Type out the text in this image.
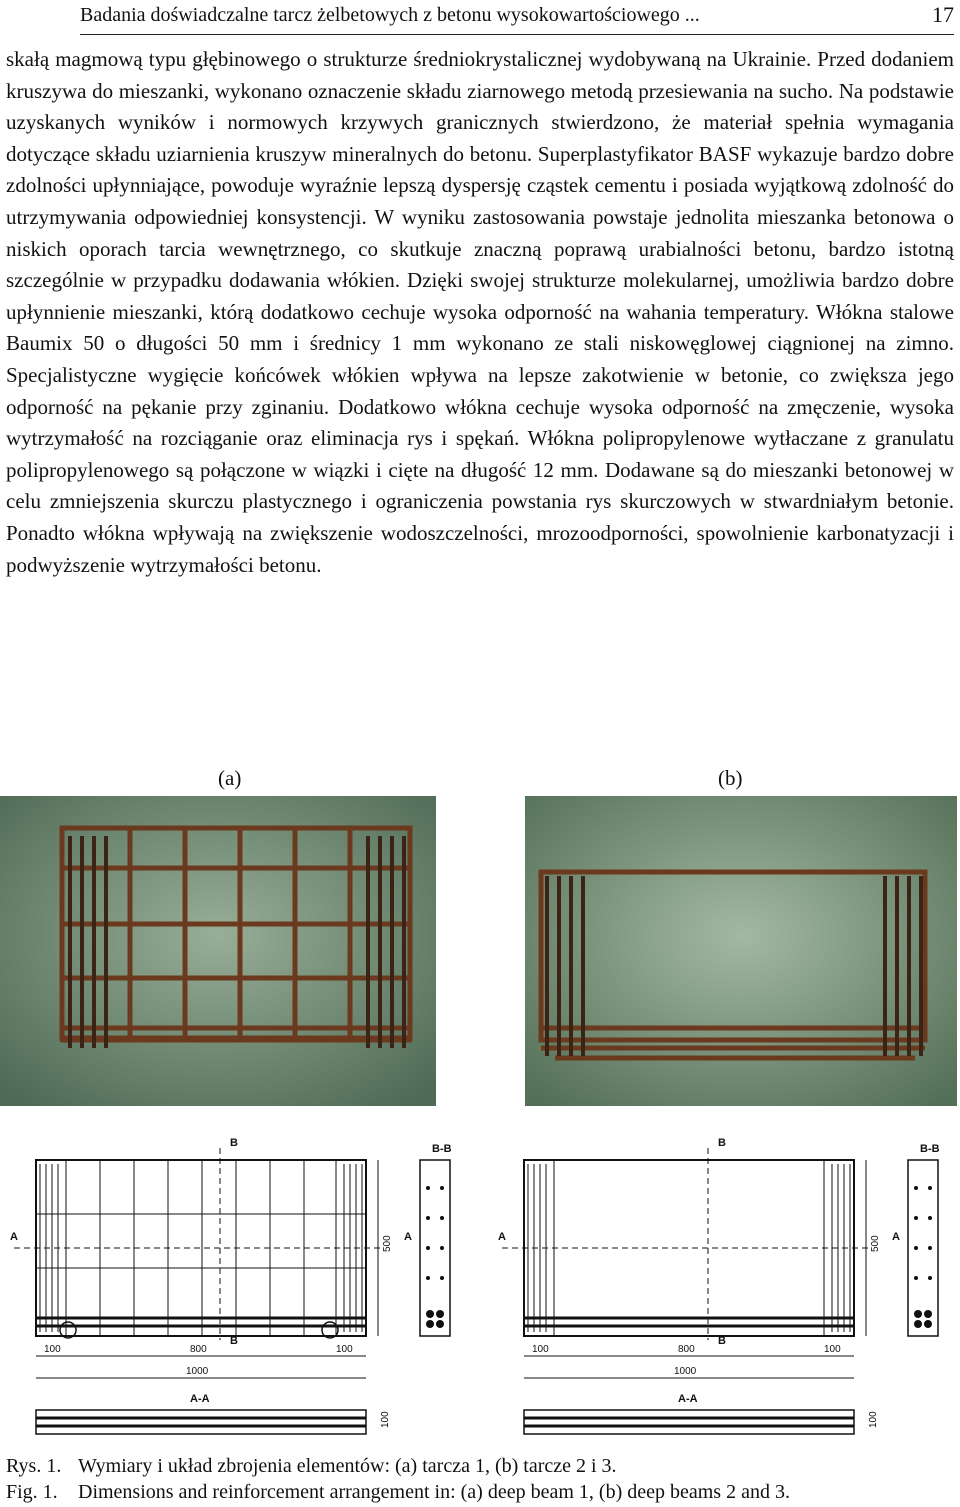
Badania doświadczalne tarcz żelbetowych z betonu wysokowartościowego ...	17

skałą magmową typu głębinowego o strukturze średniokrystalicznej wydobywaną na Ukrainie. Przed dodaniem kruszywa do mieszanki, wykonano oznaczenie składu ziarnowego metodą przesiewania na sucho. Na podstawie uzyskanych wyników i normowych krzywych granicznych stwierdzono, że materiał spełnia wymagania dotyczące składu uziarnienia kruszyw mineralnych do betonu. Superplastyfikator BASF wykazuje bardzo dobre zdolności upłynniające, powoduje wyraźnie lepszą dyspersję cząstek cementu i posiada wyjątkową zdolność do utrzymywania odpowiedniej konsystencji. W wyniku zastosowania powstaje jednolita mieszanka betonowa o niskich oporach tarcia wewnętrznego, co skutkuje znaczną poprawą urabialności betonu, bardzo istotną szczególnie w przypadku dodawania włókien. Dzięki swojej strukturze molekularnej, umożliwia bardzo dobre upłynnienie mieszanki, którą dodatkowo cechuje wysoka odporność na wahania temperatury. Włókna stalowe Baumix 50 o długości 50 mm i średnicy 1 mm wykonano ze stali niskowęglowej ciągnionej na zimno. Specjalistyczne wygięcie końcówek włókien wpływa na lepsze zakotwienie w betonie, co zwiększa jego odporność na pękanie przy zginaniu. Dodatkowo włókna cechuje wysoka odporność na zmęczenie, wysoka wytrzymałość na rozciąganie oraz eliminacja rys i spękań. Włókna polipropylenowe wytłaczane z granulatu polipropylenowego są połączone w wiązki i cięte na długość 12 mm. Dodawane są do mieszanki betonowej w celu zmniejszenia skurczu plastycznego i ograniczenia powstania rys skurczowych w stwardniałym betonie. Ponadto włókna wpływają na zwiększenie wodoszczelności, mrozoodporności, spowolnienie karbonatyzacji i podwyższenie wytrzymałości betonu.

(a)	(b)
B	B-B
A	A
B
500
100	800	100
1000
A-A
100
B	B-B
A	A
B
500
100	800	100
1000
A-A
100
Rys. 1. Wymiary i układ zbrojenia elementów: (a) tarcza 1, (b) tarcze 2 i 3.
Fig. 1. Dimensions and reinforcement arrangement in: (a) deep beam 1, (b) deep beams 2 and 3.
